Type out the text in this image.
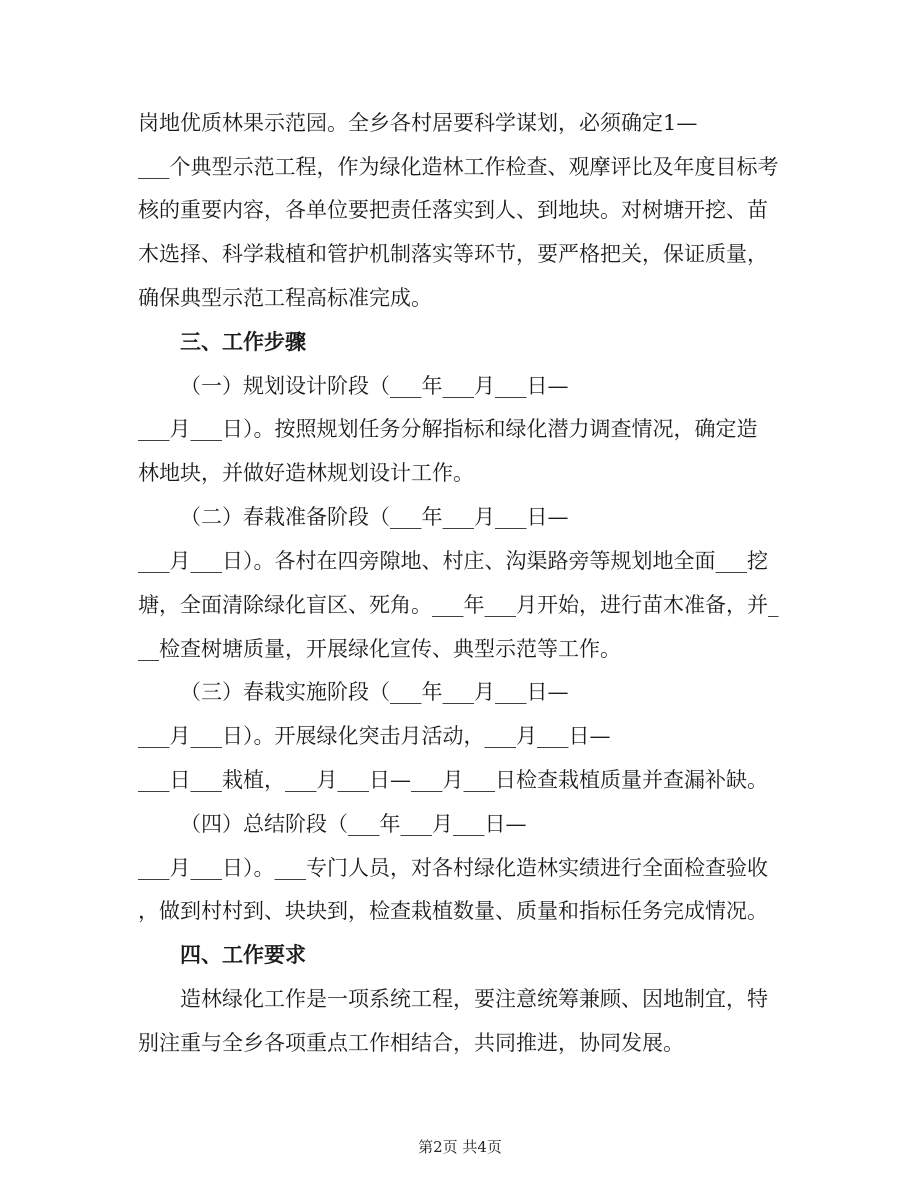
岗地优质林果示范园。全乡各村居要科学谋划，必须确定1—
___个典型示范工程，作为绿化造林工作检查、观摩评比及年度目标考
核的重要内容，各单位要把责任落实到人、到地块。对树塘开挖、苗
木选择、科学栽植和管护机制落实等环节，要严格把关，保证质量，
确保典型示范工程高标准完成。
三、工作步骤
（一）规划设计阶段（___年___月___日—
___月___日）。按照规划任务分解指标和绿化潜力调查情况，确定造
林地块，并做好造林规划设计工作。
（二）春栽准备阶段（___年___月___日—
___月___日）。各村在四旁隙地、村庄、沟渠路旁等规划地全面___挖
塘，全面清除绿化盲区、死角。___年___月开始，进行苗木准备，并_
__检查树塘质量，开展绿化宣传、典型示范等工作。
（三）春栽实施阶段（___年___月___日—
___月___日）。开展绿化突击月活动，___月___日—
___日___栽植，___月___日—___月___日检查栽植质量并查漏补缺。
（四）总结阶段（___年___月___日—
___月___日）。___专门人员，对各村绿化造林实绩进行全面检查验收
，做到村村到、块块到，检查栽植数量、质量和指标任务完成情况。
四、工作要求
造林绿化工作是一项系统工程，要注意统筹兼顾、因地制宜，特
别注重与全乡各项重点工作相结合，共同推进，协同发展。
第2页 共4页
